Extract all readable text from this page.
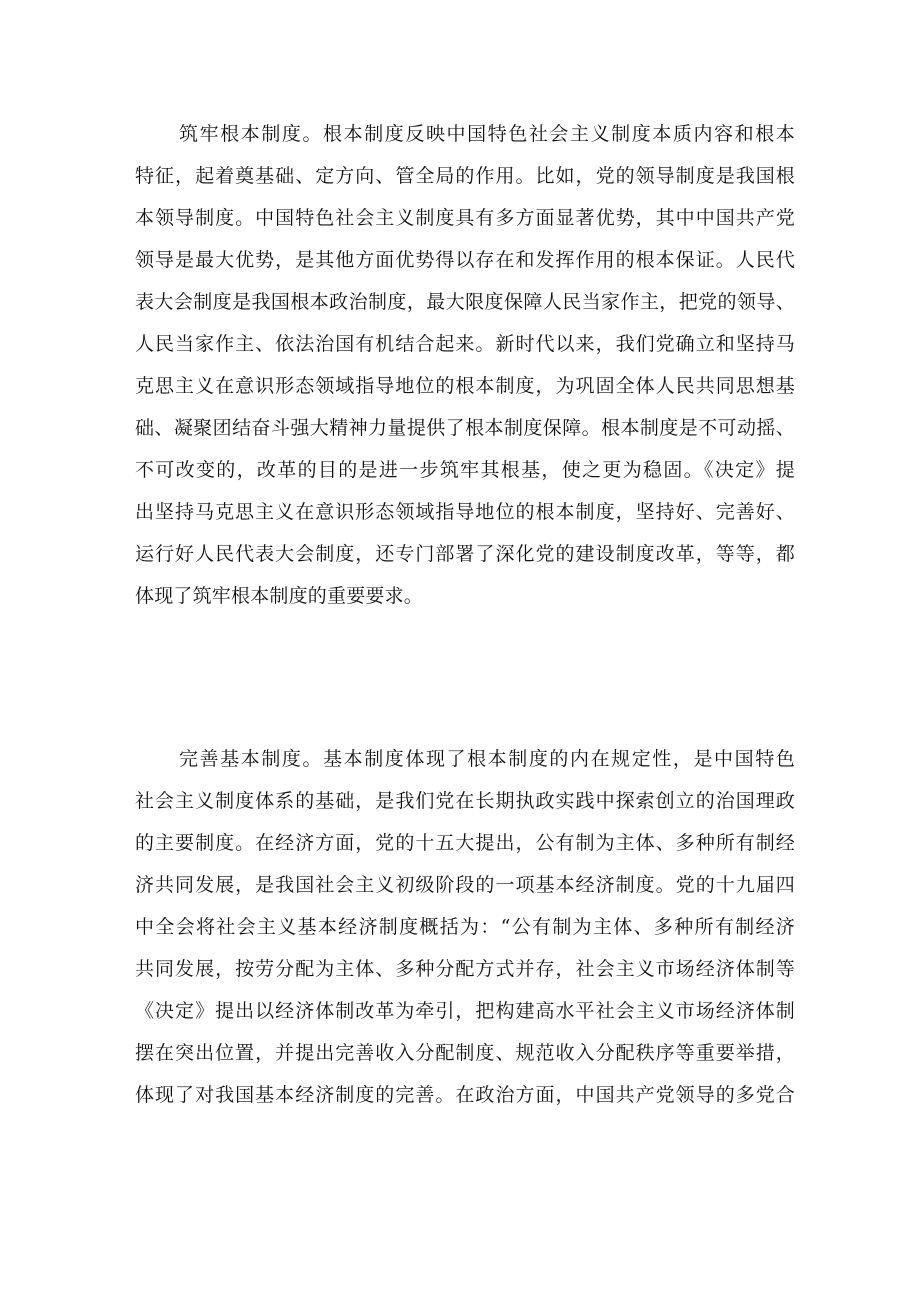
筑牢根本制度。根本制度反映中国特色社会主义制度本质内容和根本
特征，起着奠基础、定方向、管全局的作用。比如，党的领导制度是我国根
本领导制度。中国特色社会主义制度具有多方面显著优势，其中中国共产党
领导是最大优势，是其他方面优势得以存在和发挥作用的根本保证。人民代
表大会制度是我国根本政治制度，最大限度保障人民当家作主，把党的领导、
人民当家作主、依法治国有机结合起来。新时代以来，我们党确立和坚持马
克思主义在意识形态领域指导地位的根本制度，为巩固全体人民共同思想基
础、凝聚团结奋斗强大精神力量提供了根本制度保障。根本制度是不可动摇、
不可改变的，改革的目的是进一步筑牢其根基，使之更为稳固。《决定》提
出坚持马克思主义在意识形态领域指导地位的根本制度，坚持好、完善好、
运行好人民代表大会制度，还专门部署了深化党的建设制度改革，等等，都
体现了筑牢根本制度的重要要求。
完善基本制度。基本制度体现了根本制度的内在规定性，是中国特色
社会主义制度体系的基础，是我们党在长期执政实践中探索创立的治国理政
的主要制度。在经济方面，党的十五大提出，公有制为主体、多种所有制经
济共同发展，是我国社会主义初级阶段的一项基本经济制度。党的十九届四
中全会将社会主义基本经济制度概括为：“公有制为主体、多种所有制经济
共同发展，按劳分配为主体、多种分配方式并存，社会主义市场经济体制等
《决定》提出以经济体制改革为牵引，把构建高水平社会主义市场经济体制
摆在突出位置，并提出完善收入分配制度、规范收入分配秩序等重要举措，
体现了对我国基本经济制度的完善。在政治方面，中国共产党领导的多党合
